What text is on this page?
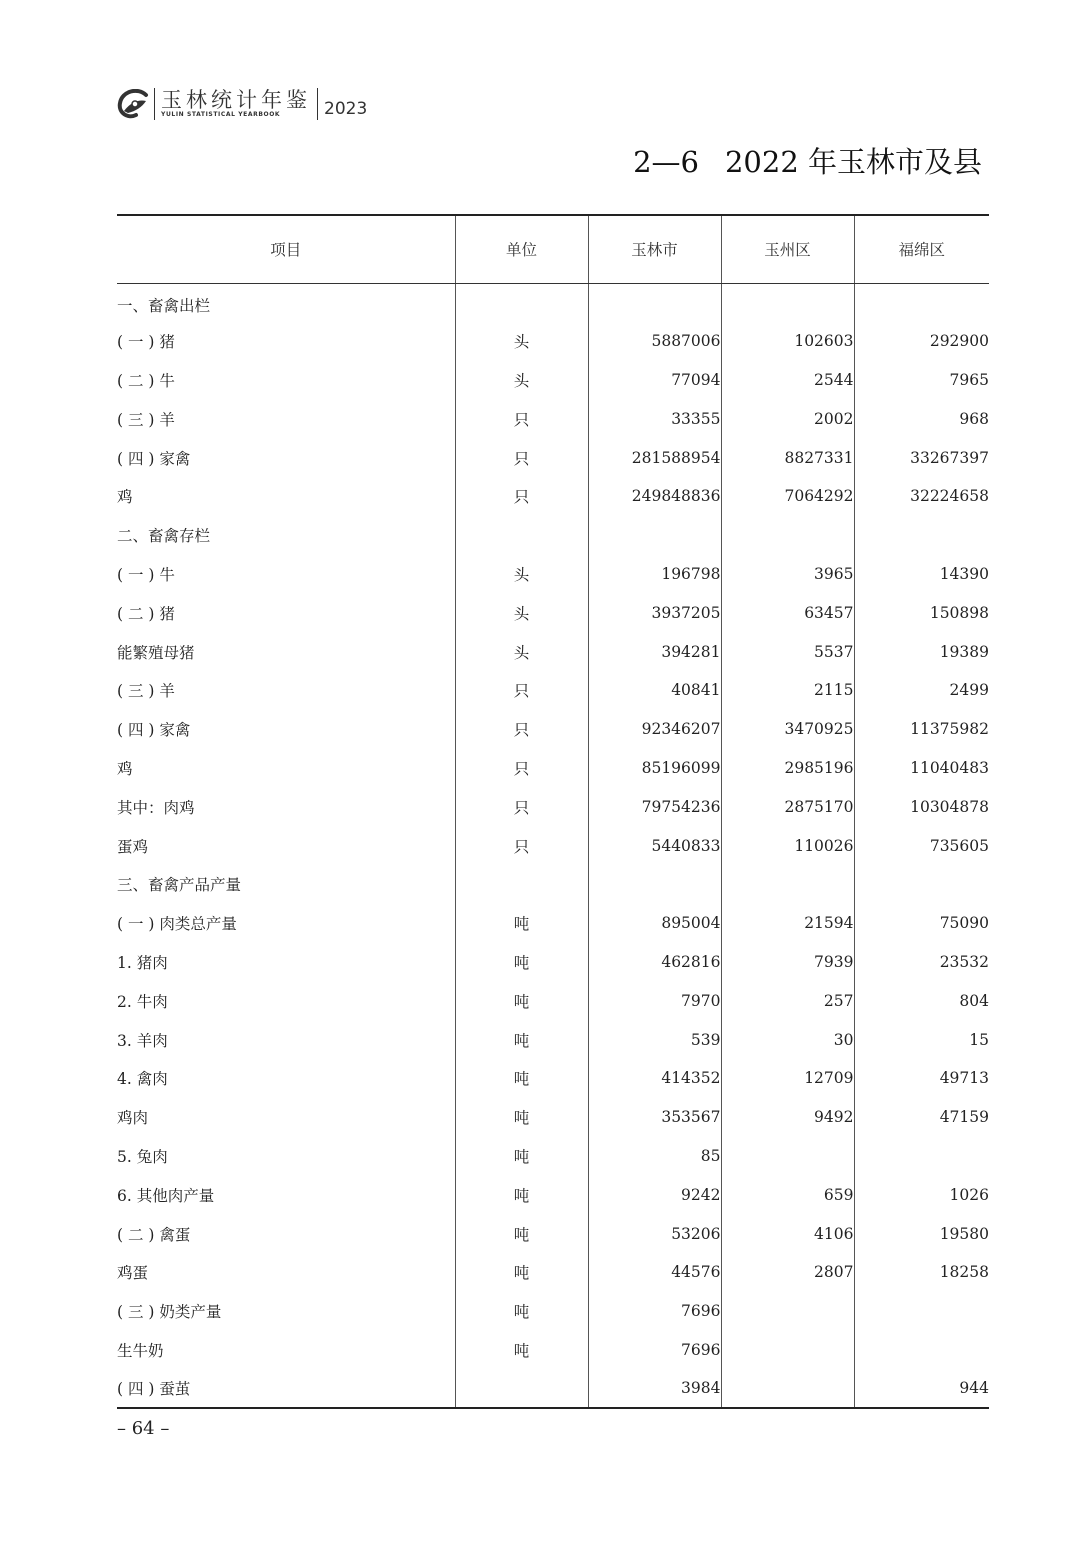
玉林统计年鉴
YULIN STATISTICAL YEARBOOK	2023
2—6 2022 年玉林市及县
项目	单位	玉林市	玉州区	福绵区
一、畜禽出栏				
( 一 ) 猪	头	5887006	102603	292900
( 二 ) 牛	头	77094	2544	7965
( 三 ) 羊	只	33355	2002	968
( 四 ) 家禽	只	281588954	8827331	33267397
鸡	只	249848836	7064292	32224658
二、畜禽存栏				
( 一 ) 牛	头	196798	3965	14390
( 二 ) 猪	头	3937205	63457	150898
能繁殖母猪	头	394281	5537	19389
( 三 ) 羊	只	40841	2115	2499
( 四 ) 家禽	只	92346207	3470925	11375982
鸡	只	85196099	2985196	11040483
其中：肉鸡	只	79754236	2875170	10304878
蛋鸡	只	5440833	110026	735605
三、畜禽产品产量				
( 一 ) 肉类总产量	吨	895004	21594	75090
1. 猪肉	吨	462816	7939	23532
2. 牛肉	吨	7970	257	804
3. 羊肉	吨	539	30	15
4. 禽肉	吨	414352	12709	49713
鸡肉	吨	353567	9492	47159
5. 兔肉	吨	85		
6. 其他肉产量	吨	9242	659	1026
( 二 ) 禽蛋	吨	53206	4106	19580
鸡蛋	吨	44576	2807	18258
( 三 ) 奶类产量	吨	7696		
生牛奶	吨	7696		
( 四 ) 蚕茧		3984		944
– 64 –
